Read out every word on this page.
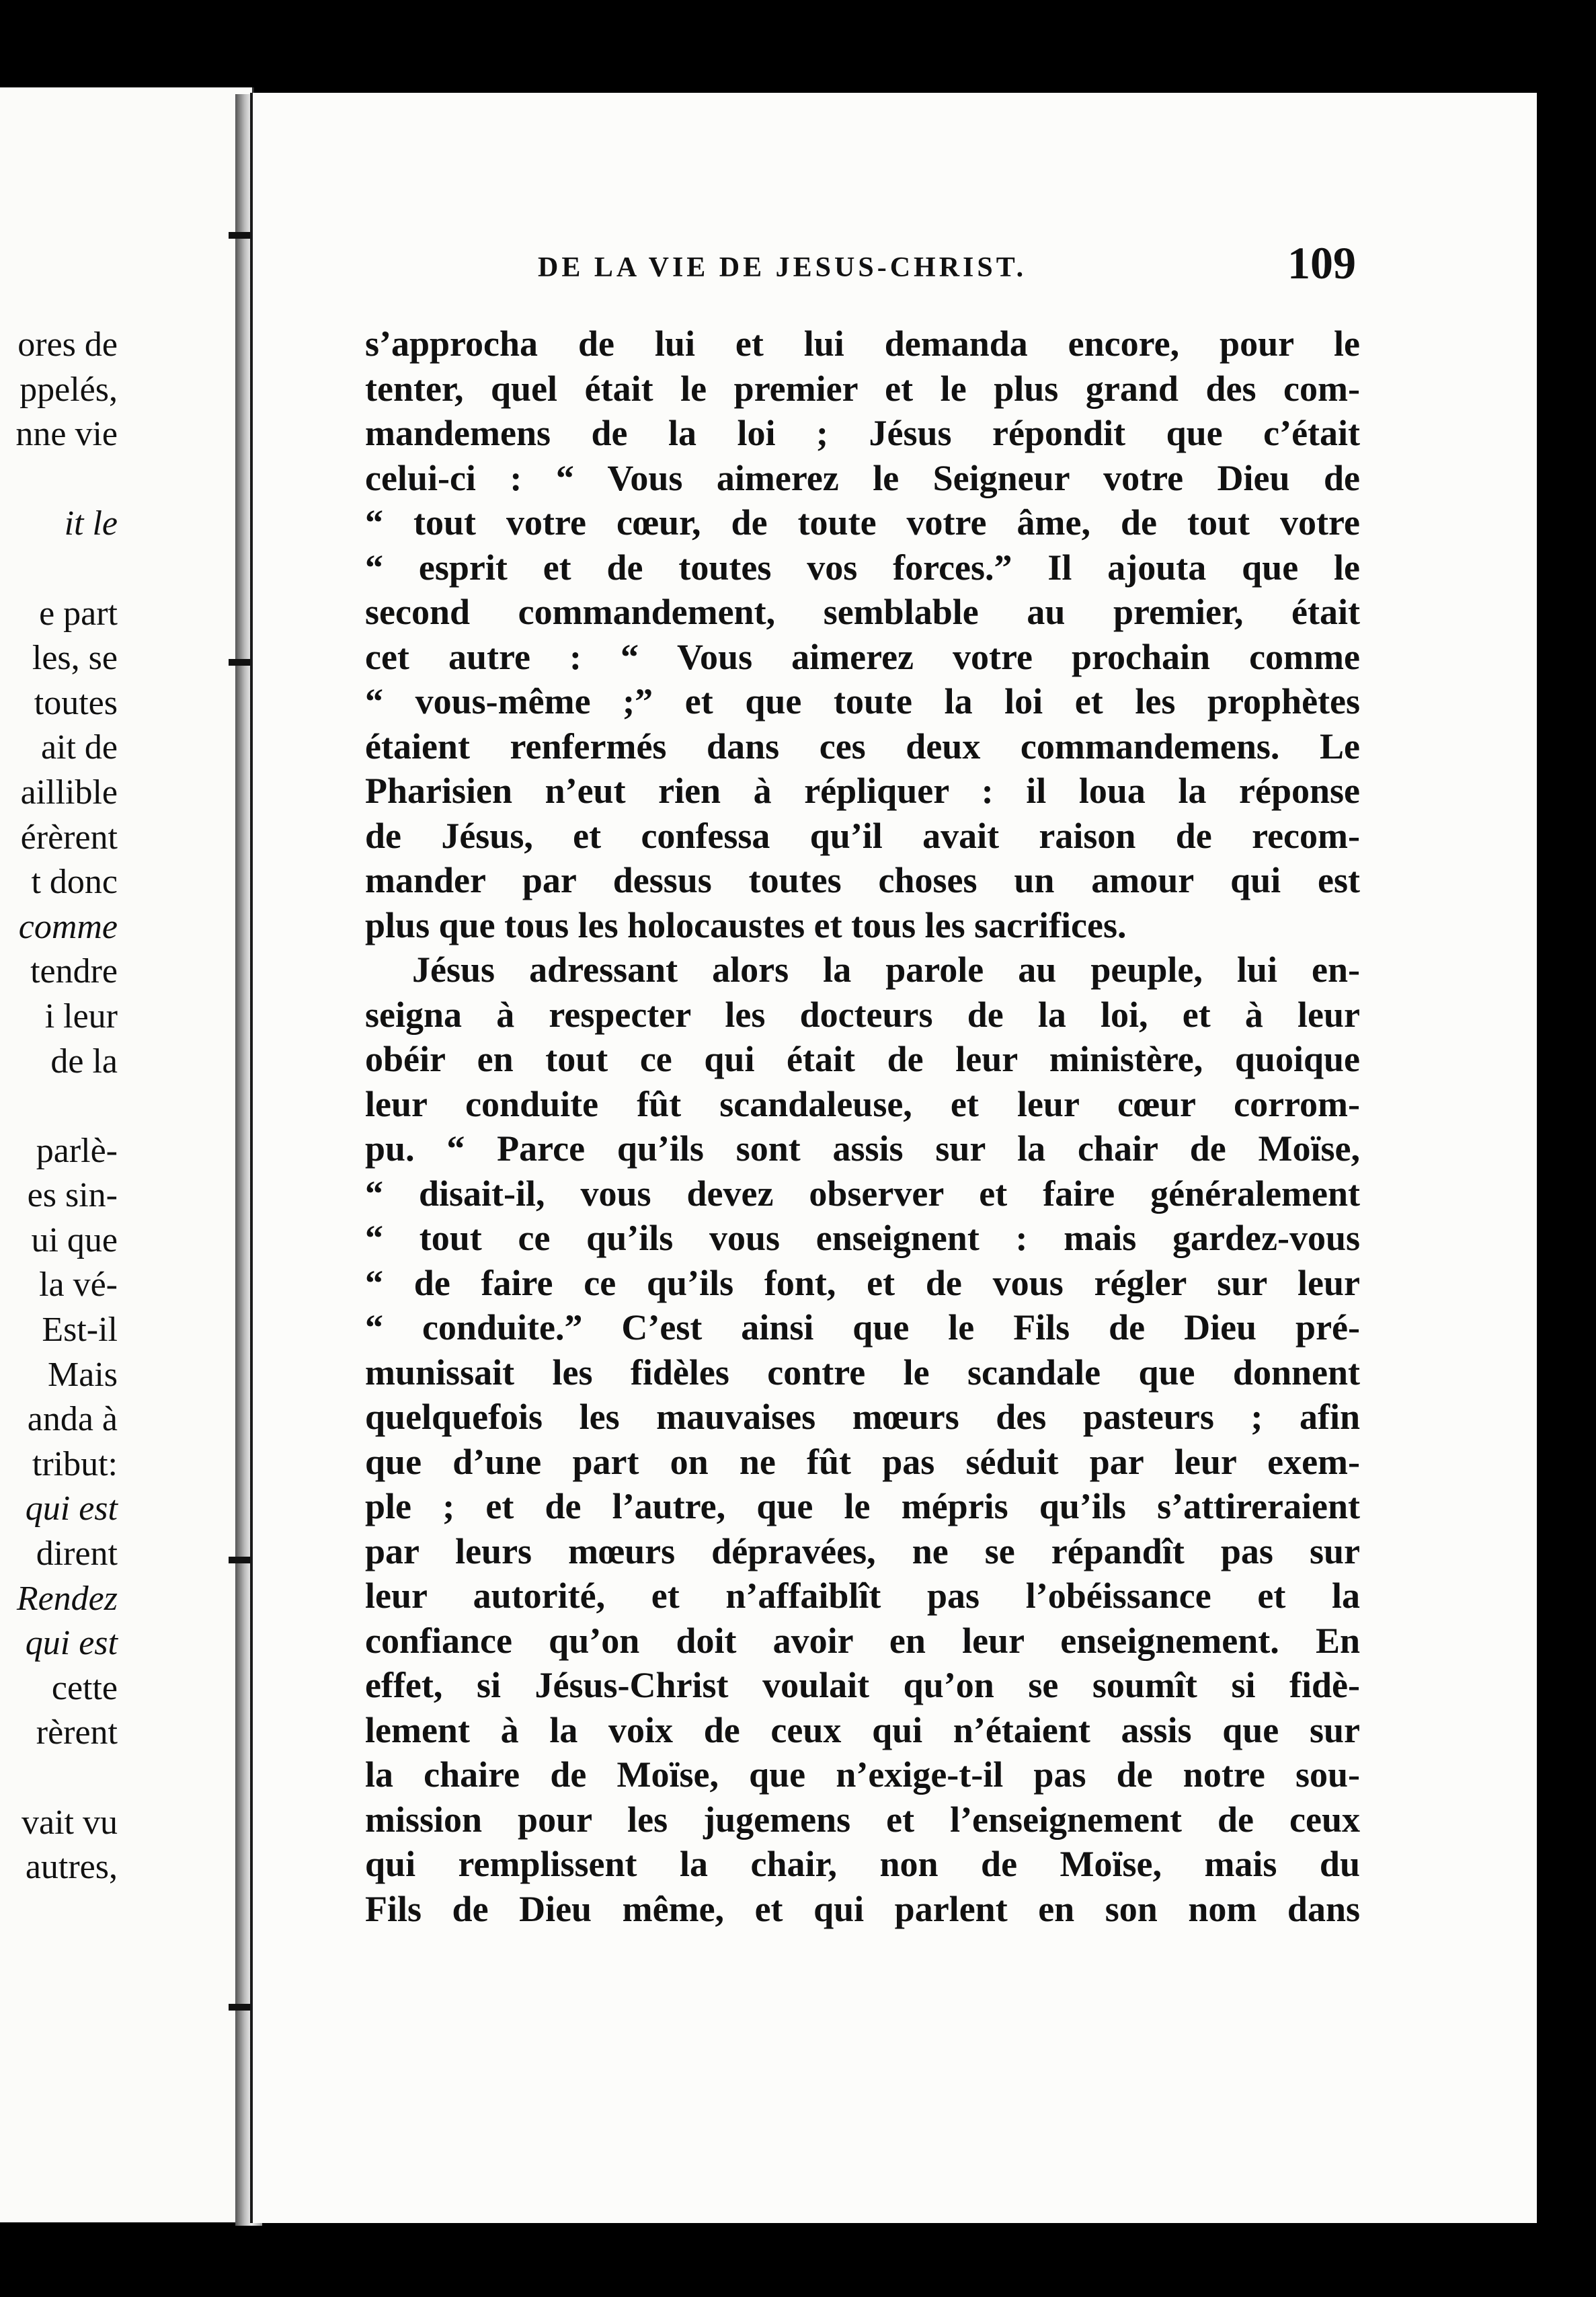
ores de
ppelés,
nne vie
it le
e part
les, se
toutes
ait de
aillible
érèrent
t donc
comme
tendre
i leur
de la
parlè-
es sin-
ui que
la vé-
Est-il
Mais
anda à
tribut:
qui est
dirent
Rendez
qui est
cette
rèrent
vait vu
autres,
DE LA VIE DE JESUS-CHRIST.	109
s’approcha de lui et lui demanda encore, pour le
tenter, quel était le premier et le plus grand des com-
mandemens de la loi ; Jésus répondit que c’était
celui-ci : “ Vous aimerez le Seigneur votre Dieu de
“ tout votre cœur, de toute votre âme, de tout votre
“ esprit et de toutes vos forces.” Il ajouta que le
second commandement, semblable au premier, était
cet autre : “ Vous aimerez votre prochain comme
“ vous-même ;” et que toute la loi et les prophètes
étaient renfermés dans ces deux commandemens. Le
Pharisien n’eut rien à répliquer : il loua la réponse
de Jésus, et confessa qu’il avait raison de recom-
mander par dessus toutes choses un amour qui est
plus que tous les holocaustes et tous les sacrifices.
Jésus adressant alors la parole au peuple, lui en-
seigna à respecter les docteurs de la loi, et à leur
obéir en tout ce qui était de leur ministère, quoique
leur conduite fût scandaleuse, et leur cœur corrom-
pu. “ Parce qu’ils sont assis sur la chair de Moïse,
“ disait-il, vous devez observer et faire généralement
“ tout ce qu’ils vous enseignent : mais gardez-vous
“ de faire ce qu’ils font, et de vous régler sur leur
“ conduite.” C’est ainsi que le Fils de Dieu pré-
munissait les fidèles contre le scandale que donnent
quelquefois les mauvaises mœurs des pasteurs ; afin
que d’une part on ne fût pas séduit par leur exem-
ple ; et de l’autre, que le mépris qu’ils s’attireraient
par leurs mœurs dépravées, ne se répandît pas sur
leur autorité, et n’affaiblît pas l’obéissance et la
confiance qu’on doit avoir en leur enseignement. En
effet, si Jésus-Christ voulait qu’on se soumît si fidè-
lement à la voix de ceux qui n’étaient assis que sur
la chaire de Moïse, que n’exige-t-il pas de notre sou-
mission pour les jugemens et l’enseignement de ceux
qui remplissent la chair, non de Moïse, mais du
Fils de Dieu même, et qui parlent en son nom dans
